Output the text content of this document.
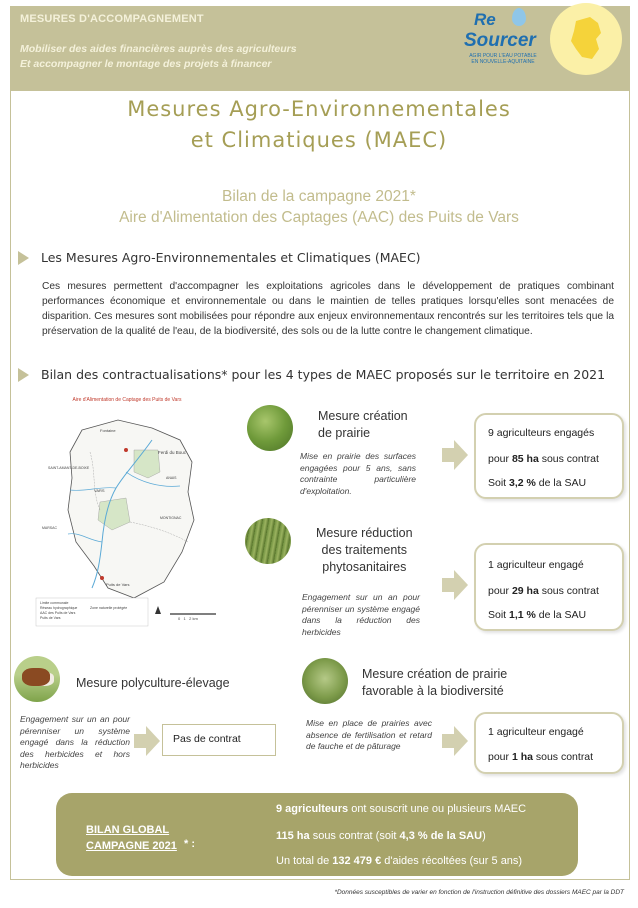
MESURES D'ACCOMPAGNEMENT
Mobiliser des aides financières auprès des agriculteurs
Et accompagner le montage des projets à financer
Re
Sourcer
AGIR POUR L'EAU POTABLE EN NOUVELLE-AQUITAINE
Mesures Agro-Environnementales
et Climatiques (MAEC)
Bilan de la campagne 2021*
Aire d'Alimentation des Captages (AAC) des Puits de Vars
Les Mesures Agro-Environnementales et Climatiques (MAEC)
Ces mesures permettent d'accompagner les exploitations agricoles dans le développement de pratiques combinant performances économique et environnementale ou dans le maintien de telles pratiques lorsqu'elles sont menacées de disparition. Ces mesures sont mobilisées pour répondre aux enjeux environnementaux rencontrés sur les territoires tels que la préservation de la qualité de l'eau, de la biodiversité, des sols ou de la lutte contre le changement climatique.
Bilan des contractualisations* pour les 4 types de MAEC proposés sur le territoire en 2021
Aire d'Alimentation de Captage des Puits de Vars
Fontaine
Ferdi du Bouc
SAINT-AMANT-DE-BOIXE
VARS
Puits de Vars
ANAIS
MARSAC
MONTIGNAC
Limite communale
Réseau hydrographique
AAC des Puits de Vars
Puits de Vars
Zone naturelle protégée
0   1   2 km
Mesure création
de prairie
Mise en prairie des surfaces engagées pour 5 ans, sans contrainte particulière d'exploitation.

9 agriculteurs engagés

pour 85 ha sous contrat

Soit 3,2 % de la SAU

Mesure réduction
des traitements
phytosanitaires
Engagement sur un an pour pérenniser un système engagé dans la réduction des herbicides

1 agriculteur engagé

pour 29 ha sous contrat

Soit 1,1 % de la SAU

Mesure polyculture-élevage
Engagement sur un an pour pérenniser un système engagé dans la réduction des herbicides et hors herbicides
Pas de contrat
Mesure création de prairie
favorable à la biodiversité
Mise en place de prairies avec absence de fertilisation et retard de fauche et de pâturage

1 agriculteur engagé

pour 1 ha sous contrat

BILAN GLOBAL
CAMPAGNE 2021 * :
9 agriculteurs ont souscrit une ou plusieurs MAEC
115 ha sous contrat (soit 4,3 % de la SAU)
Un total de 132 479 € d'aides récoltées (sur 5 ans)
*Données susceptibles de varier en fonction de l'instruction définitive des dossiers MAEC par la DDT
